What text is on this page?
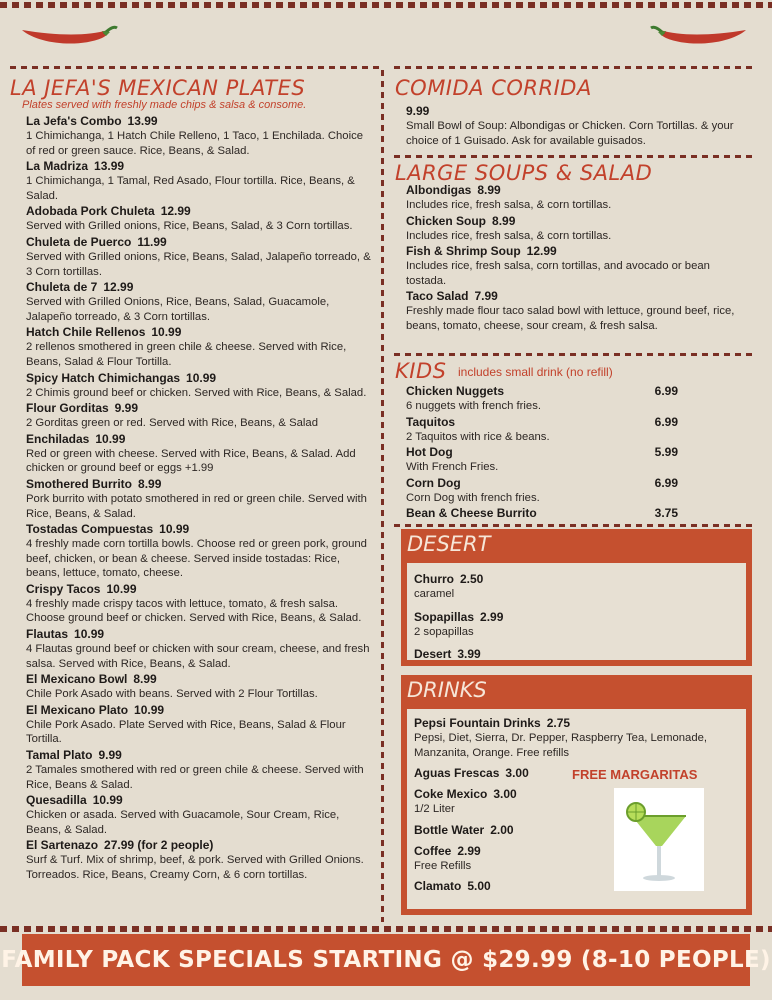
LA JEFA'S MEXICAN PLATES
Plates served with freshly made chips & salsa & consome.
La Jefa's Combo 13.99
1 Chimichanga, 1 Hatch Chile Relleno, 1 Taco, 1 Enchilada. Choice of red or green sauce. Rice, Beans, & Salad.
La Madriza 13.99
1 Chimichanga, 1 Tamal, Red Asado, Flour tortilla. Rice, Beans, & Salad.
Adobada Pork Chuleta 12.99
Served with Grilled onions, Rice, Beans, Salad, & 3 Corn tortillas.
Chuleta de Puerco 11.99
Served with Grilled onions, Rice, Beans, Salad, Jalapeño torreado, & 3 Corn tortillas.
Chuleta de 7 12.99
Served with Grilled Onions, Rice, Beans, Salad, Guacamole, Jalapeño torreado, & 3 Corn tortillas.
Hatch Chile Rellenos 10.99
2 rellenos smothered in green chile & cheese. Served with Rice, Beans, Salad & Flour Tortilla.
Spicy Hatch Chimichangas 10.99
2 Chimis ground beef or chicken. Served with Rice, Beans, & Salad.
Flour Gorditas 9.99
2 Gorditas green or red. Served with Rice, Beans, & Salad
Enchiladas 10.99
Red or green with cheese. Served with Rice, Beans, & Salad. Add chicken or ground beef or eggs +1.99
Smothered Burrito 8.99
Pork burrito with potato smothered in red or green chile. Served with Rice, Beans, & Salad.
Tostadas Compuestas 10.99
4 freshly made corn tortilla bowls. Choose red or green pork, ground beef, chicken, or bean & cheese. Served inside tostadas: Rice, beans, lettuce, tomato, cheese.
Crispy Tacos 10.99
4 freshly made crispy tacos with lettuce, tomato, & fresh salsa. Choose ground beef or chicken. Served with Rice, Beans, & Salad.
Flautas 10.99
4 Flautas ground beef or chicken with sour cream, cheese, and fresh salsa. Served with Rice, Beans, & Salad.
El Mexicano Bowl 8.99
Chile Pork Asado with beans. Served with 2 Flour Tortillas.
El Mexicano Plato 10.99
Chile Pork Asado. Plate Served with Rice, Beans, Salad & Flour Tortilla.
Tamal Plato 9.99
2 Tamales smothered with red or green chile & cheese. Served with Rice, Beans & Salad.
Quesadilla 10.99
Chicken or asada. Served with Guacamole, Sour Cream, Rice, Beans, & Salad.
El Sartenazo 27.99 (for 2 people)
Surf & Turf. Mix of shrimp, beef, & pork. Served with Grilled Onions. Torreados. Rice, Beans, Creamy Corn, & 6 corn tortillas.
COMIDA CORRIDA
9.99
Small Bowl of Soup: Albondigas or Chicken. Corn Tortillas. & your choice of 1 Guisado. Ask for available guisados.
LARGE SOUPS & SALAD
Albondigas 8.99
Includes rice, fresh salsa, & corn tortillas.
Chicken Soup 8.99
Includes rice, fresh salsa, & corn tortillas.
Fish & Shrimp Soup 12.99
Includes rice, fresh salsa, corn tortillas, and avocado or bean tostada.
Taco Salad 7.99
Freshly made flour taco salad bowl with lettuce, ground beef, rice, beans, tomato, cheese, sour cream, & fresh salsa.
KIDS includes small drink (no refill)
Chicken Nuggets	6.99
6 nuggets with french fries.
Taquitos	6.99
2 Taquitos with rice & beans.
Hot Dog	5.99
With French Fries.
Corn Dog	6.99
Corn Dog with french fries.
Bean & Cheese Burrito	3.75
DESERT
Churro 2.50
caramel
Sopapillas 2.99
2 sopapillas
Desert 3.99
DRINKS
Pepsi Fountain Drinks 2.75
Pepsi, Diet, Sierra, Dr. Pepper, Raspberry Tea, Lemonade, Manzanita, Orange. Free refills
Aguas Frescas 3.00
Coke Mexico 3.00
1/2 Liter
Bottle Water 2.00
Coffee 2.99
Free Refills
Clamato 5.00
FREE MARGARITAS
FAMILY PACK SPECIALS STARTING @ $29.99 (8-10 PEOPLE)
